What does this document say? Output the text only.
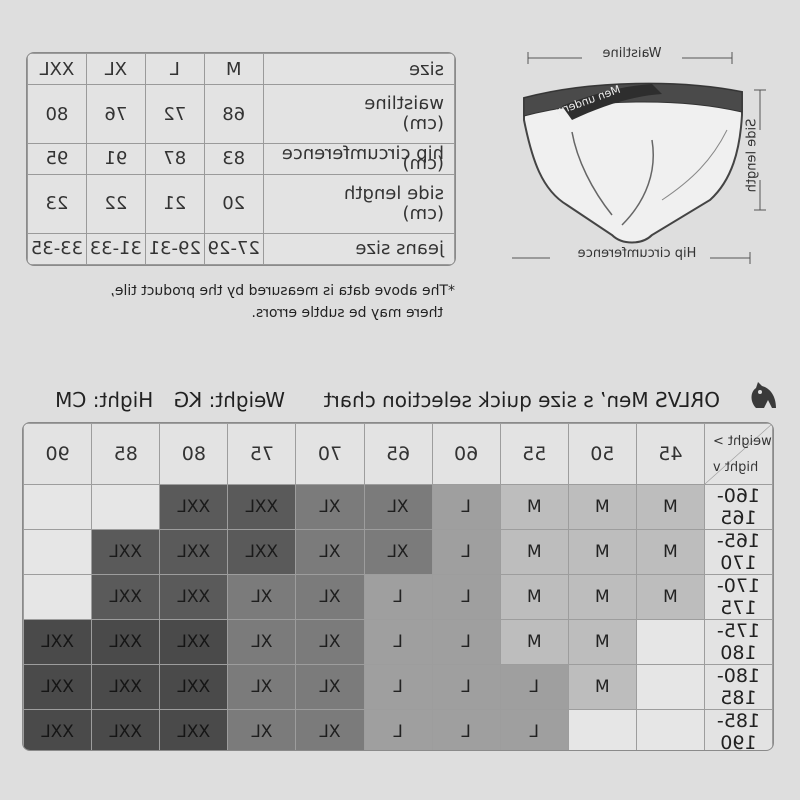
size	M	L	XL	XXL
waistline
(cm)	68	72	76	80
hip circumference
(cm)	83	87	91	95
side length
(cm)	20	21	22	23
jeans size	27-29	29-31	31-33	33-35
*The above data is measured by the product tile,
there may be subtle errors.
Waistline
Hip circumference
Side length
Men underw
Weight: KG Hight: CM	ORLVS Men’ s size quick selection chart
weight >
hight v	45	50	55	60	65	70	75	80	85	90
160-165	M	M	M	L	XL	XL	XXL	XXL		
165-170	M	M	M	L	XL	XL	XXL	XXL	XXL	
170-175	M	M	M	L	L	XL	XL	XXL	XXL	
175-180		M	M	L	L	XL	XL	XXL	XXL	XXL
180-185		M	L	L	L	XL	XL	XXL	XXL	XXL
185-190			L	L	L	XL	XL	XXL	XXL	XXL
